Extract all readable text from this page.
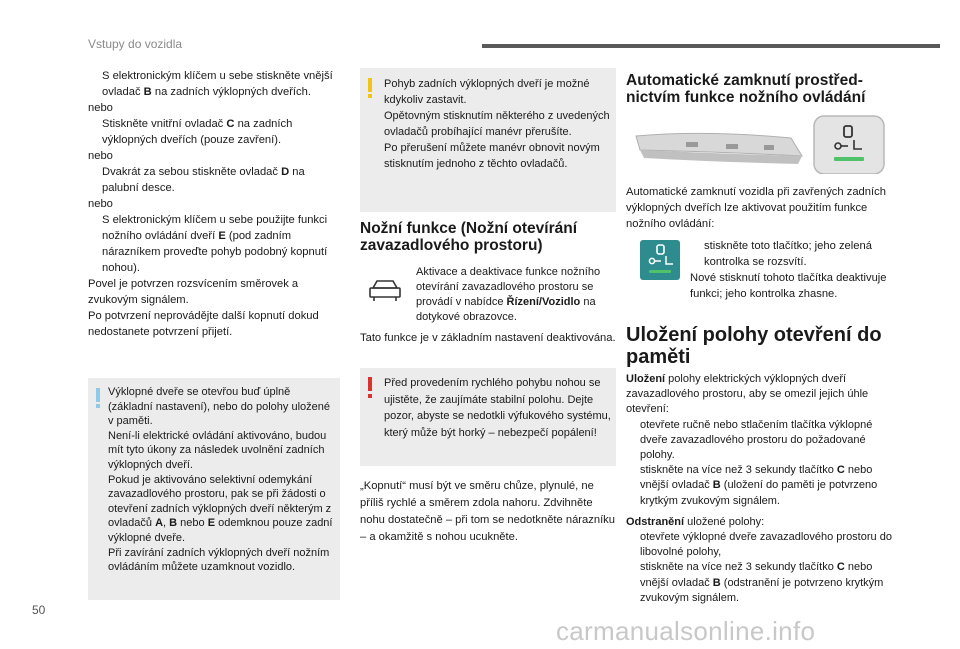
Vstupy do vozidla

S elektronickým klíčem u sebe stiskněte vnější ovladač B na zadních výklopných dveřích.

nebo

Stiskněte vnitřní ovladač C na zadních výklopných dveřích (pouze zavření).

nebo

Dvakrát za sebou stiskněte ovladač D na palubní desce.

nebo

S elektronickým klíčem u sebe použijte funkci nožního ovládání dveří E (pod zadním nárazníkem proveďte pohyb podobný kopnutí nohou).

Povel je potvrzen rozsvícením směrovek a zvukovým signálem.

Po potvrzení neprovádějte další kopnutí dokud nedostanete potvrzení přijetí.

Výklopné dveře se otevřou buď úplně (základní nastavení), nebo do polohy uložené v paměti.

Není-li elektrické ovládání aktivováno, budou mít tyto úkony za následek uvolnění zadních výklopných dveří.

Pokud je aktivováno selektivní odemykání zavazadlového prostoru, pak se při žádosti o otevření zadních výklopných dveří některým z ovladačů A, B nebo E odemknou pouze zadní výklopné dveře.

Při zavírání zadních výklopných dveří nožním ovládáním můžete uzamknout vozidlo.

Pohyb zadních výklopných dveří je možné kdykoliv zastavit.

Opětovným stisknutím některého z uvedených ovladačů probíhající manévr přerušíte.

Po přerušení můžete manévr obnovit novým stisknutím jednoho z těchto ovladačů.

Nožní funkce (Nožní otevírání zavazadlového prostoru)
Aktivace a deaktivace funkce nožního otevírání zavazadlového prostoru se provádí v nabídce Řízení/Vozidlo na dotykové obrazovce.
Tato funkce je v základním nastavení deaktivována.
Před provedením rychlého pohybu nohou se ujistěte, že zaujímáte stabilní polohu. Dejte pozor, abyste se nedotkli výfukového systému, který může být horký – nebezpečí popálení!
„Kopnutí“ musí být ve směru chůze, plynulé, ne příliš rychlé a směrem zdola nahoru. Zdvihněte nohu dostatečně – při tom se nedotkněte nárazníku – a okamžitě s nohou ucukněte.
Automatické zamknutí prostřednictvím funkce nožního ovládání
Automatické zamknutí vozidla při zavřených zadních výklopných dveřích lze aktivovat použitím funkce nožního ovládání:

stiskněte toto tlačítko; jeho zelená kontrolka se rozsvítí.

Nové stisknutí tohoto tlačítka deaktivuje funkci; jeho kontrolka zhasne.

Uložení polohy otevření do paměti

Uložení polohy elektrických výklopných dveří zavazadlového prostoru, aby se omezil jejich úhle otevření:

otevřete ručně nebo stlačením tlačítka výklopné dveře zavazadlového prostoru do požadované polohy.

stiskněte na více než 3 sekundy tlačítko C nebo vnější ovladač B (uložení do paměti je potvrzeno krytkým zvukovým signálem.

Odstranění uložené polohy:

otevřete výklopné dveře zavazadlového prostoru do libovolné polohy,

stiskněte na více než 3 sekundy tlačítko C nebo vnější ovladač B (odstranění je potvrzeno krytkým zvukovým signálem.

50
carmanualsonline.info
